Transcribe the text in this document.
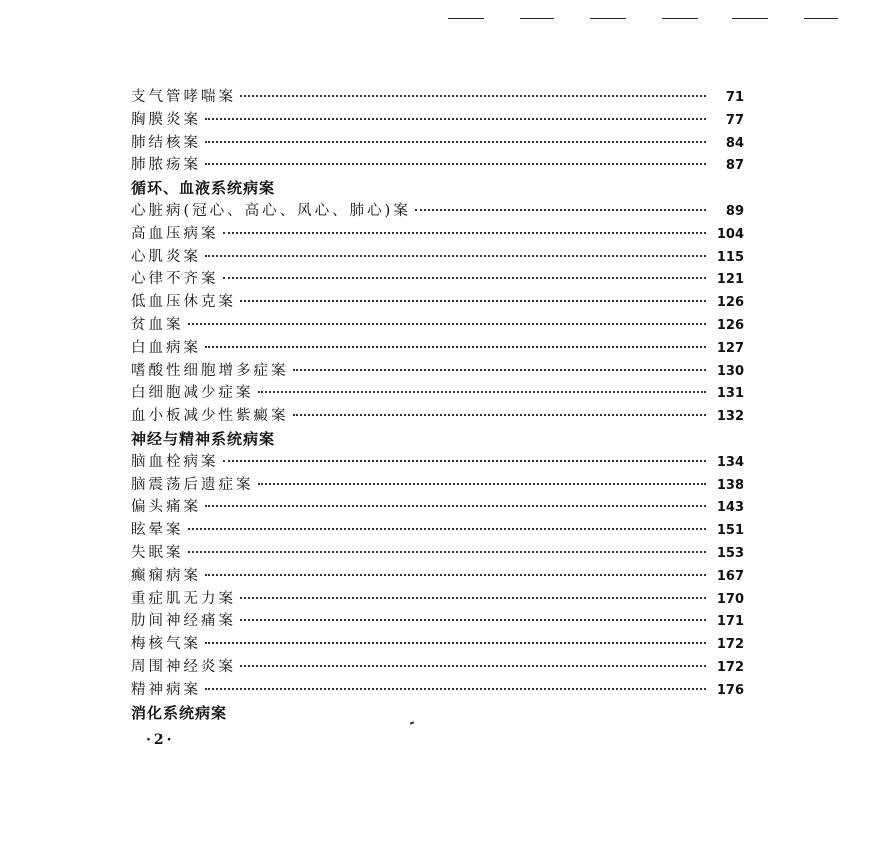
支气管哮喘案	71
胸膜炎案	77
肺结核案	84
肺脓疡案	87
循环、血液系统病案
心脏病(冠心、高心、风心、肺心)案	89
高血压病案	104
心肌炎案	115
心律不齐案	121
低血压休克案	126
贫血案	126
白血病案	127
嗜酸性细胞增多症案	130
白细胞减少症案	131
血小板减少性紫癜案	132
神经与精神系统病案
脑血栓病案	134
脑震荡后遗症案	138
偏头痛案	143
眩晕案	151
失眠案	153
癫痫病案	167
重症肌无力案	170
肋间神经痛案	171
梅核气案	172
周围神经炎案	172
精神病案	176
消化系统病案
·2·
